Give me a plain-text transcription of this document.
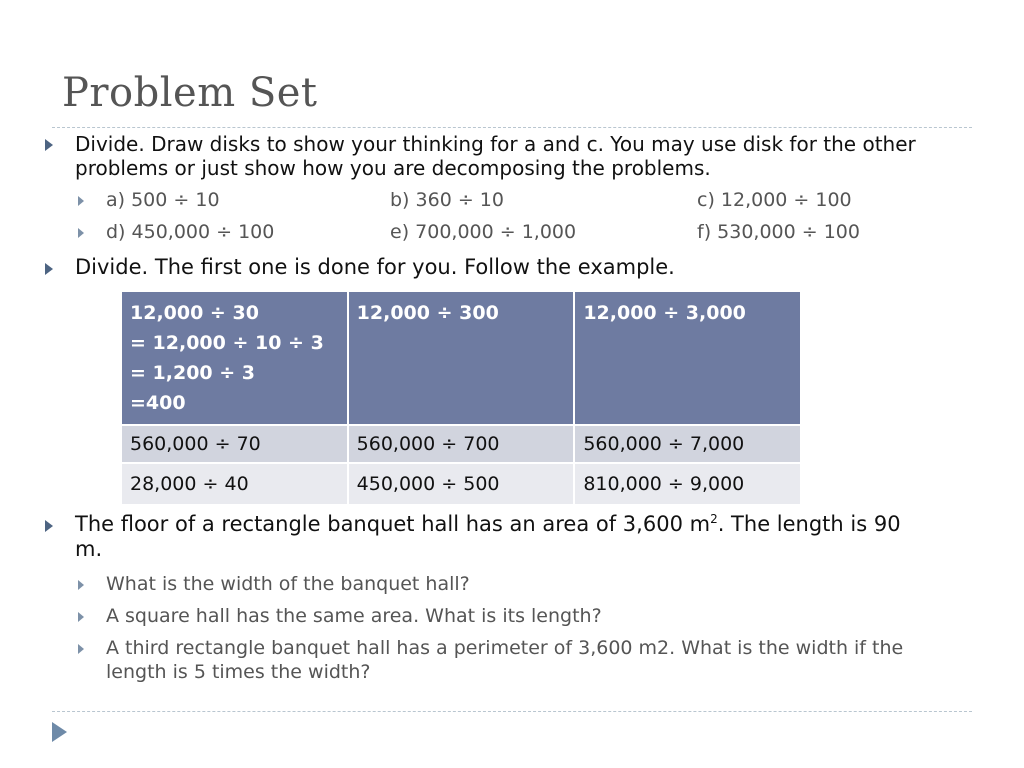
Problem Set
Divide. Draw disks to show your thinking for a and c. You may use disk for the other
problems or just show how you are decomposing the problems.
a) 500 ÷ 10	b) 360 ÷ 10	c) 12,000 ÷ 100
d) 450,000 ÷ 100	e) 700,000 ÷ 1,000	f) 530,000 ÷ 100
Divide. The first one is done for you. Follow the example.
12,000 ÷ 30
= 12,000 ÷ 10 ÷ 3
= 1,200 ÷ 3
=400	12,000 ÷ 300	12,000 ÷ 3,000

560,000 ÷ 70	560,000 ÷ 700	560,000 ÷ 7,000
28,000 ÷ 40	450,000 ÷ 500	810,000 ÷ 9,000
The floor of a rectangle banquet hall has an area of 3,600 $m^2$. The length is 90
m.
What is the width of the banquet hall?
A square hall has the same area. What is its length?
A third rectangle banquet hall has a perimeter of 3,600 m2. What is the width if the
length is 5 times the width?
